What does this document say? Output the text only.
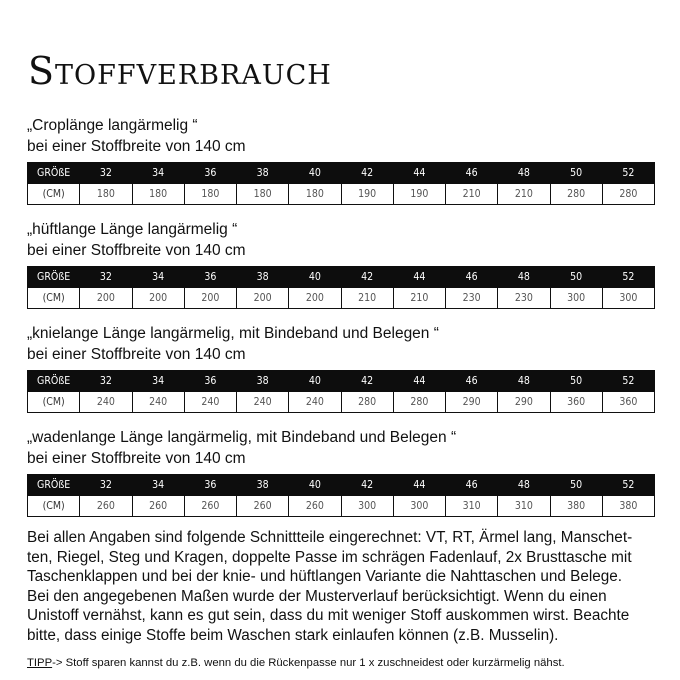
Stoffverbrauch
„Croplänge langärmelig “
bei einer Stoffbreite von 140 cm
GRÖßE	32	34	36	38	40	42	44	46	48	50	52
(CM)	180	180	180	180	180	190	190	210	210	280	280
„hüftlange Länge langärmelig “
bei einer Stoffbreite von 140 cm
GRÖßE	32	34	36	38	40	42	44	46	48	50	52
(CM)	200	200	200	200	200	210	210	230	230	300	300
„knielange Länge langärmelig, mit Bindeband und Belegen “
bei einer Stoffbreite von 140 cm
GRÖßE	32	34	36	38	40	42	44	46	48	50	52
(CM)	240	240	240	240	240	280	280	290	290	360	360
„wadenlange Länge langärmelig, mit Bindeband und Belegen “
bei einer Stoffbreite von 140 cm
GRÖßE	32	34	36	38	40	42	44	46	48	50	52
(CM)	260	260	260	260	260	300	300	310	310	380	380
Bei allen Angaben sind folgende Schnittteile eingerechnet: VT, RT, Ärmel lang, Manschet-
ten, Riegel, Steg und Kragen, doppelte Passe im schrägen Fadenlauf, 2x Brusttasche mit
Taschenklappen und bei der knie- und hüftlangen Variante die Nahttaschen und Belege.
Bei den angegebenen Maßen wurde der Musterverlauf berücksichtigt. Wenn du einen
Unistoff vernähst, kann es gut sein, dass du mit weniger Stoff auskommen wirst. Beachte
bitte, dass einige Stoffe beim Waschen stark einlaufen können (z.B. Musselin).
TIPP-> Stoff sparen kannst du z.B. wenn du die Rückenpasse nur 1 x zuschneidest oder kurzärmelig nähst.
